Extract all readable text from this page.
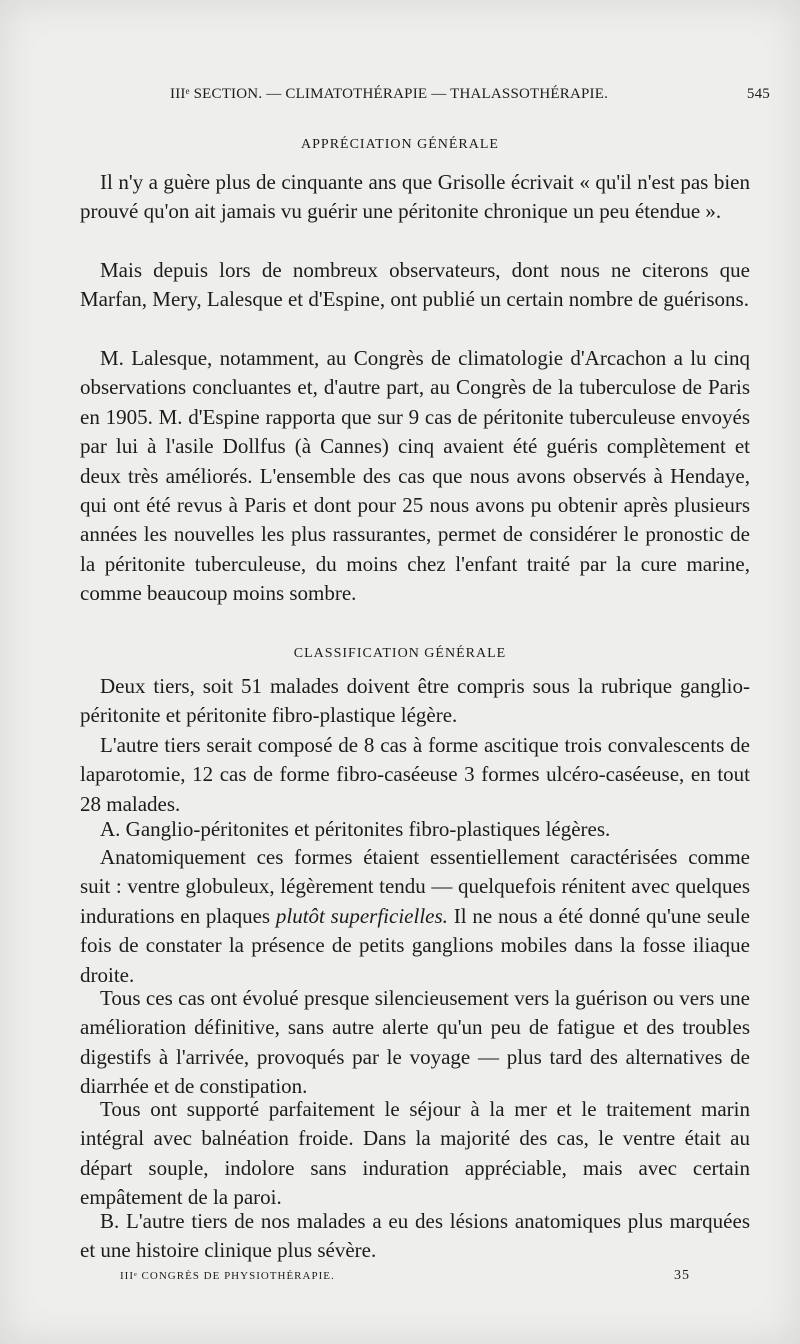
IIIᵉ SECTION. — CLIMATOTHÉRAPIE — THALASSOTHÉRAPIE.	545
APPRÉCIATION GÉNÉRALE

Il n'y a guère plus de cinquante ans que Grisolle écrivait « qu'il n'est pas bien prouvé qu'on ait jamais vu guérir une péritonite chronique un peu étendue ».

Mais depuis lors de nombreux observateurs, dont nous ne citerons que Marfan, Mery, Lalesque et d'Espine, ont publié un certain nombre de guérisons.

M. Lalesque, notamment, au Congrès de climatologie d'Arcachon a lu cinq observations concluantes et, d'autre part, au Congrès de la tuberculose de Paris en 1905. M. d'Espine rapporta que sur 9 cas de péritonite tuberculeuse envoyés par lui à l'asile Dollfus (à Cannes) cinq avaient été guéris complètement et deux très améliorés. L'ensemble des cas que nous avons observés à Hendaye, qui ont été revus à Paris et dont pour 25 nous avons pu obtenir après plusieurs années les nouvelles les plus rassurantes, permet de considérer le pronostic de la péritonite tuberculeuse, du moins chez l'enfant traité par la cure marine, comme beaucoup moins sombre.

CLASSIFICATION GÉNÉRALE

Deux tiers, soit 51 malades doivent être compris sous la rubrique ganglio-péritonite et péritonite fibro-plastique légère.

L'autre tiers serait composé de 8 cas à forme ascitique trois convalescents de laparotomie, 12 cas de forme fibro-caséeuse 3 formes ulcéro-caséeuse, en tout 28 malades.

A. Ganglio-péritonites et péritonites fibro-plastiques légères.

Anatomiquement ces formes étaient essentiellement caractérisées comme suit : ventre globuleux, légèrement tendu — quelquefois rénitent avec quelques indurations en plaques plutôt superficielles. Il ne nous a été donné qu'une seule fois de constater la présence de petits ganglions mobiles dans la fosse iliaque droite.

Tous ces cas ont évolué presque silencieusement vers la guérison ou vers une amélioration définitive, sans autre alerte qu'un peu de fatigue et des troubles digestifs à l'arrivée, provoqués par le voyage — plus tard des alternatives de diarrhée et de constipation.

Tous ont supporté parfaitement le séjour à la mer et le traitement marin intégral avec balnéation froide. Dans la majorité des cas, le ventre était au départ souple, indolore sans induration appréciable, mais avec certain empâtement de la paroi.

B. L'autre tiers de nos malades a eu des lésions anatomiques plus marquées et une histoire clinique plus sévère.

IIIᵉ CONGRÈS DE PHYSIOTHÉRAPIE.	35
